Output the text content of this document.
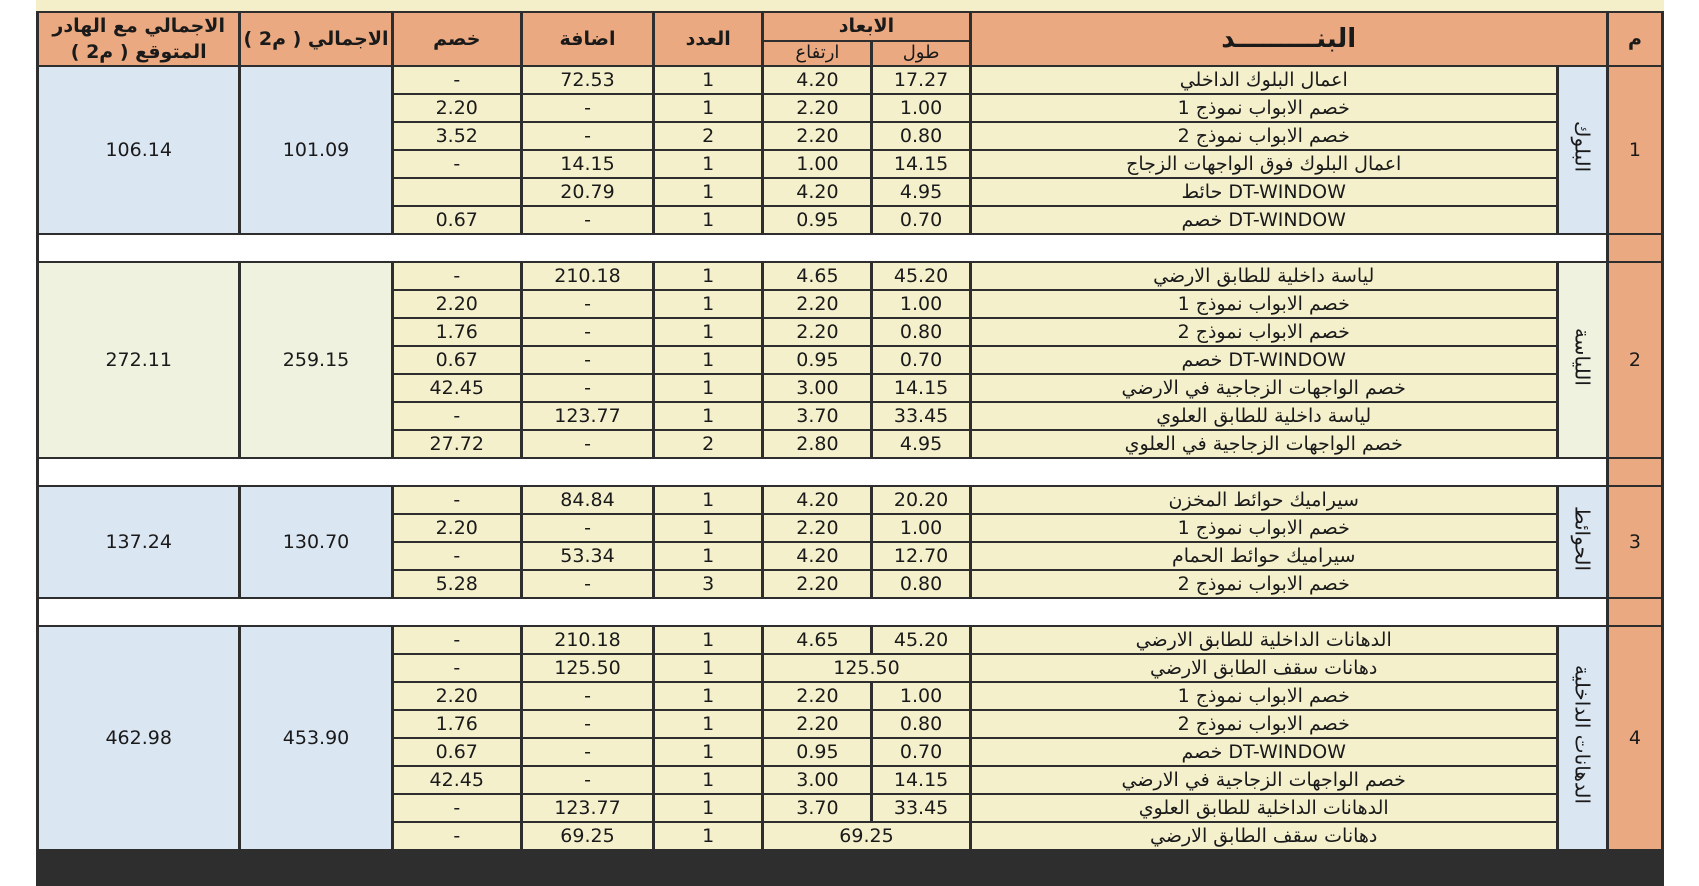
الاجمالي مع الهادر
المتوقع ( م2 )	الاجمالي ( م2 )	خصم	اضافة	العدد	الابعاد		البنـــــــــد		م
					ارتفاع	طول			
106.14	101.09	-	72.53	1	4.20	17.27	اعمال البلوك الداخلي	البلوك	1
		2.20	-	1	2.20	1.00	خصم الابواب نموذج 1		
		3.52	-	2	2.20	0.80	خصم الابواب نموذج 2		
		-	14.15	1	1.00	14.15	اعمال البلوك فوق الواجهات الزجاج		
			20.79	1	4.20	4.95	حائط DT-WINDOW		
		0.67	-	1	0.95	0.70	خصم DT-WINDOW		

272.11	259.15	-	210.18	1	4.65	45.20	لياسة داخلية للطابق الارضي	اللياسة	2
		2.20	-	1	2.20	1.00	خصم الابواب نموذج 1		
		1.76	-	1	2.20	0.80	خصم الابواب نموذج 2		
		0.67	-	1	0.95	0.70	خصم DT-WINDOW		
		42.45	-	1	3.00	14.15	خصم الواجهات الزجاجية في الارضي		
		-	123.77	1	3.70	33.45	لياسة داخلية للطابق العلوي		
		27.72	-	2	2.80	4.95	خصم الواجهات الزجاجية في العلوي		

137.24	130.70	-	84.84	1	4.20	20.20	سيراميك حوائط المخزن	الحوائط	3
		2.20	-	1	2.20	1.00	خصم الابواب نموذج 1		
		-	53.34	1	4.20	12.70	سيراميك حوائط الحمام		
		5.28	-	3	2.20	0.80	خصم الابواب نموذج 2		

462.98	453.90	-	210.18	1	4.65	45.20	الدهانات الداخلية للطابق الارضي	الدهانات الداخلية	4
		-	125.50	1	125.50		دهانات سقف الطابق الارضي		
		2.20	-	1	2.20	1.00	خصم الابواب نموذج 1		
		1.76	-	1	2.20	0.80	خصم الابواب نموذج 2		
		0.67	-	1	0.95	0.70	خصم DT-WINDOW		
		42.45	-	1	3.00	14.15	خصم الواجهات الزجاجية في الارضي		
		-	123.77	1	3.70	33.45	الدهانات الداخلية للطابق العلوي		
		-	69.25	1	69.25		دهانات سقف الطابق الارضي		
